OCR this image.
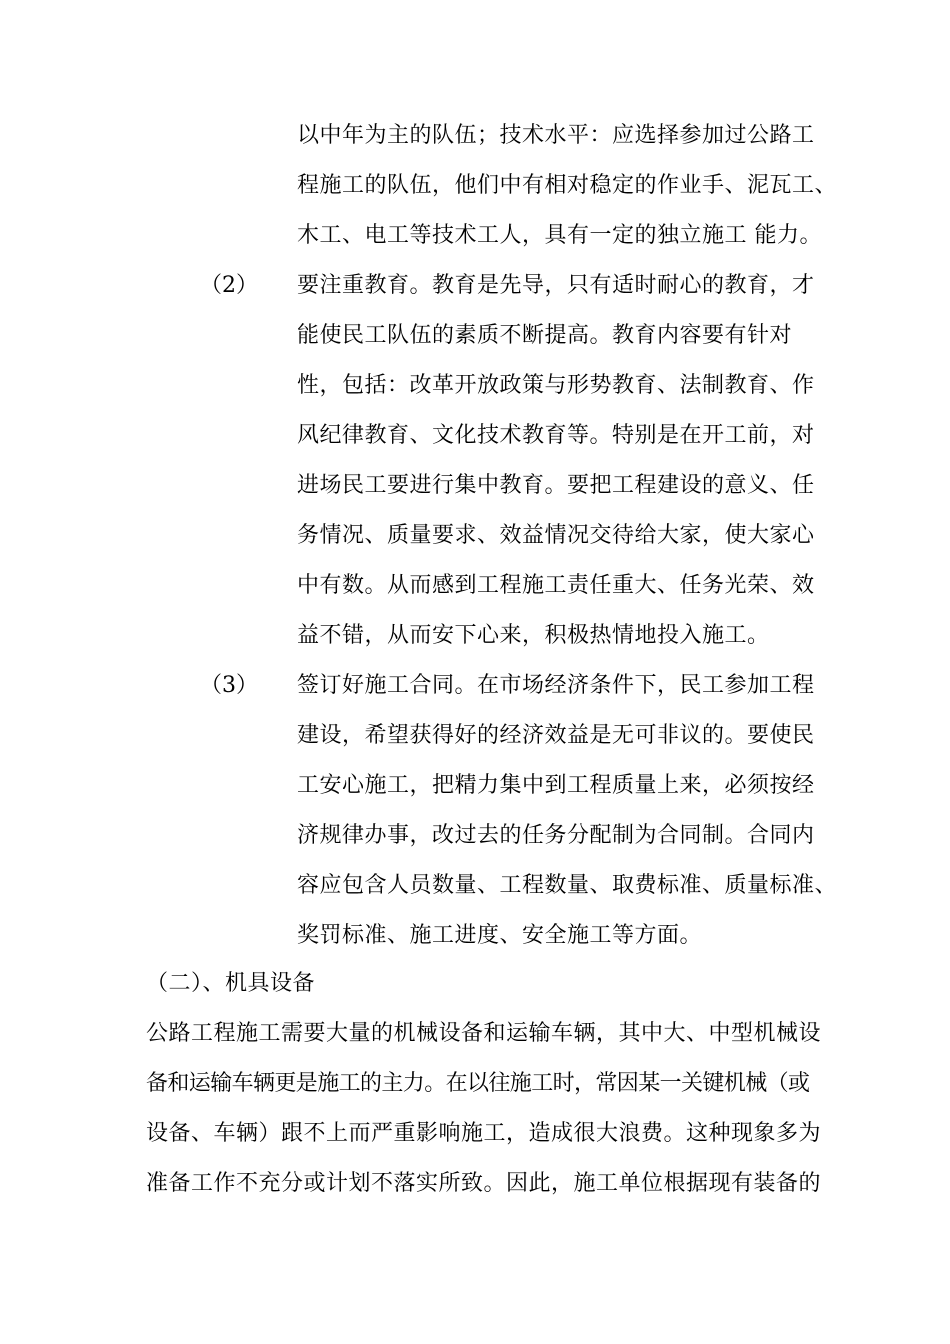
以中年为主的队伍；技术水平：应选择参加过公路工
程施工的队伍，他们中有相对稳定的作业手、泥瓦工、
木工、电工等技术工人，具有一定的独立施工 能力。
（2） 要注重教育。教育是先导，只有适时耐心的教育，才
能使民工队伍的素质不断提高。教育内容要有针对
性，包括：改革开放政策与形势教育、法制教育、作
风纪律教育、文化技术教育等。特别是在开工前，对
进场民工要进行集中教育。要把工程建设的意义、任
务情况、质量要求、效益情况交待给大家，使大家心
中有数。从而感到工程施工责任重大、任务光荣、效
益不错，从而安下心来，积极热情地投入施工。
（3） 签订好施工合同。在市场经济条件下，民工参加工程
建设，希望获得好的经济效益是无可非议的。要使民
工安心施工，把精力集中到工程质量上来，必须按经
济规律办事，改过去的任务分配制为合同制。合同内
容应包含人员数量、工程数量、取费标准、质量标准、
奖罚标准、施工进度、安全施工等方面。
（二）、机具设备
公路工程施工需要大量的机械设备和运输车辆，其中大、中型机械设
备和运输车辆更是施工的主力。在以往施工时，常因某一关键机械（或
设备、车辆）跟不上而严重影响施工，造成很大浪费。这种现象多为
准备工作不充分或计划不落实所致。因此，施工单位根据现有装备的
